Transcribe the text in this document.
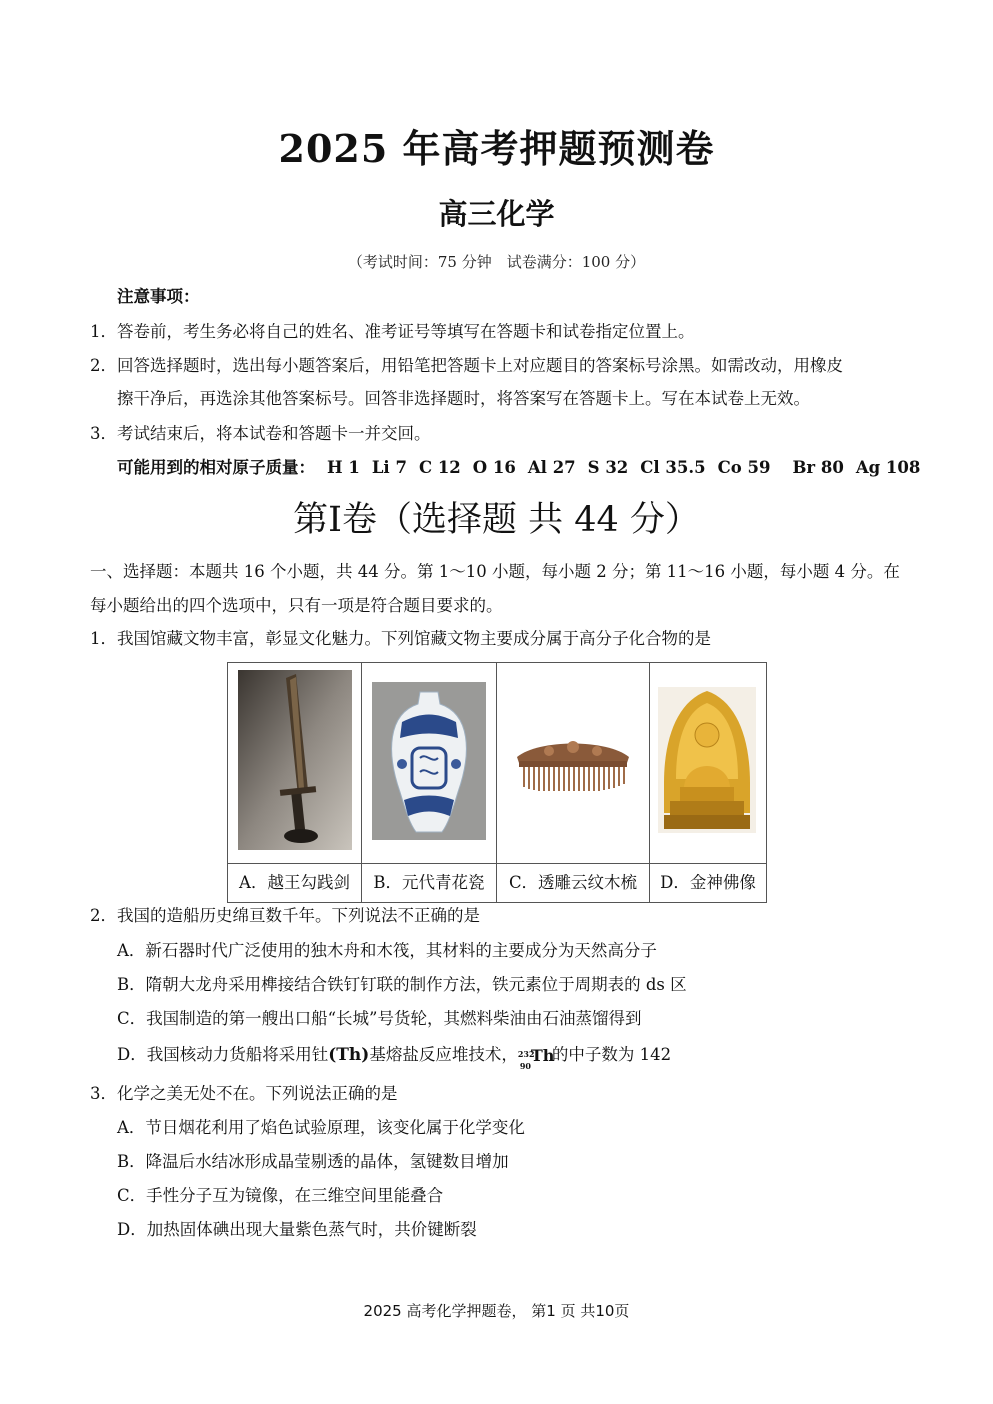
2025 年高考押题预测卷
高三化学
（考试时间：75 分钟　试卷满分：100 分）
注意事项：
1．答卷前，考生务必将自己的姓名、准考证号等填写在答题卡和试卷指定位置上。
2．回答选择题时，选出每小题答案后，用铅笔把答题卡上对应题目的答案标号涂黑。如需改动，用橡皮
擦干净后，再选涂其他答案标号。回答非选择题时，将答案写在答题卡上。写在本试卷上无效。
3．考试结束后，将本试卷和答题卡一并交回。
可能用到的相对原子质量： H 1 Li 7 C 12 O 16 Al 27 S 32 Cl 35.5 Co 59 Br 80 Ag 108
第I卷（选择题 共 44 分）
一、选择题：本题共 16 个小题，共 44 分。第 1～10 小题，每小题 2 分；第 11～16 小题，每小题 4 分。在
每小题给出的四个选项中，只有一项是符合题目要求的。
1．我国馆藏文物丰富，彰显文化魅力。下列馆藏文物主要成分属于高分子化合物的是
A．越王勾践剑	B．元代青花瓷	C．透雕云纹木梳	D．金神佛像
2．我国的造船历史绵亘数千年。下列说法不正确的是
A．新石器时代广泛使用的独木舟和木筏，其材料的主要成分为天然高分子
B．隋朝大龙舟采用榫接结合铁钉钉联的制作方法，铁元素位于周期表的 ds 区
C．我国制造的第一艘出口船“长城”号货轮，其燃料柴油由石油蒸馏得到
D．我国核动力货船将采用钍(Th)基熔盐反应堆技术， 232
90
Th
的中子数为 142
3．化学之美无处不在。下列说法正确的是
A．节日烟花利用了焰色试验原理，该变化属于化学变化
B．降温后水结冰形成晶莹剔透的晶体，氢键数目增加
C．手性分子互为镜像，在三维空间里能叠合
D．加热固体碘出现大量紫色蒸气时，共价键断裂
2025 高考化学押题卷， 第1 页 共10页
